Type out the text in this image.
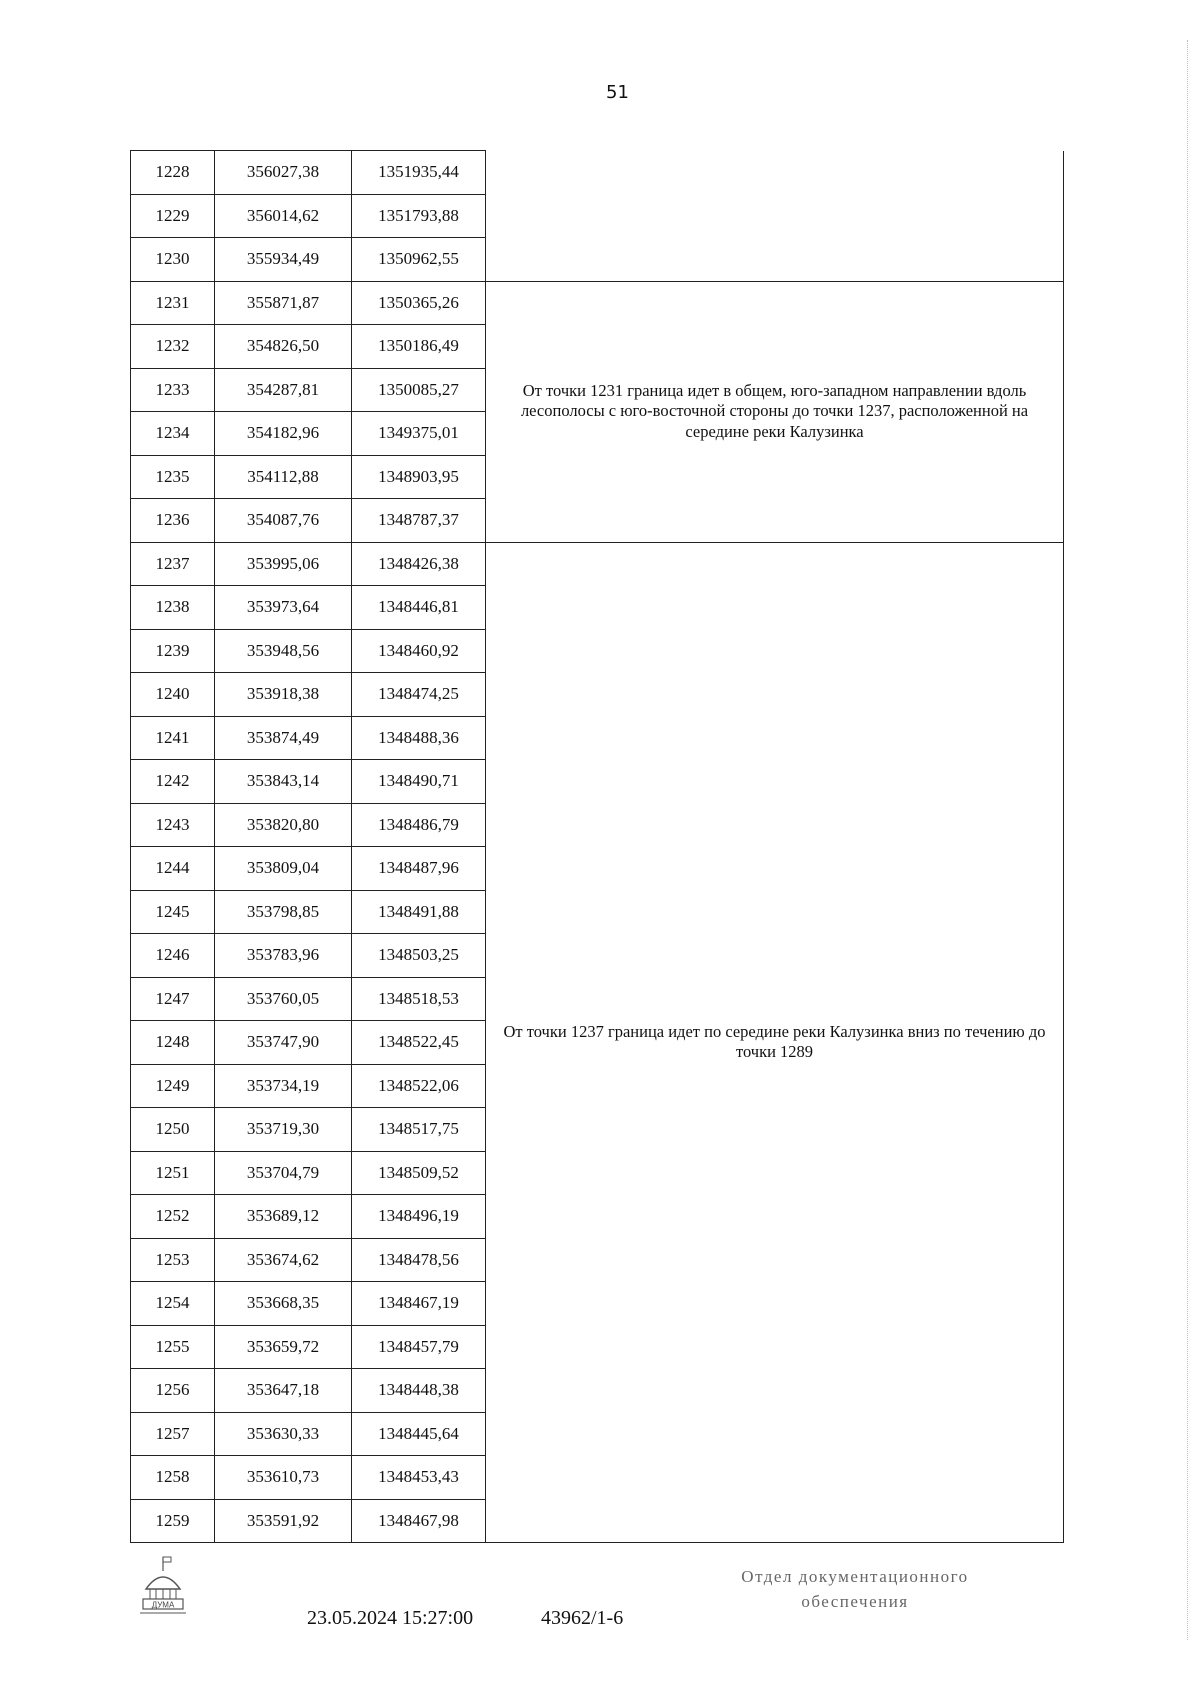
51
1228	356027,38	1351935,44	
1229	356014,62	1351793,88	
1230	355934,49	1350962,55	
1231	355871,87	1350365,26	От точки 1231 граница идет в общем, юго-западном направлении вдоль лесополосы с юго-восточной стороны до точки 1237, расположенной на середине реки Калузинка
1232	354826,50	1350186,49	
1233	354287,81	1350085,27	
1234	354182,96	1349375,01	
1235	354112,88	1348903,95	
1236	354087,76	1348787,37	
1237	353995,06	1348426,38	От точки 1237 граница идет по середине реки Калузинка вниз по течению до точки 1289
1238	353973,64	1348446,81	
1239	353948,56	1348460,92	
1240	353918,38	1348474,25	
1241	353874,49	1348488,36	
1242	353843,14	1348490,71	
1243	353820,80	1348486,79	
1244	353809,04	1348487,96	
1245	353798,85	1348491,88	
1246	353783,96	1348503,25	
1247	353760,05	1348518,53	
1248	353747,90	1348522,45	
1249	353734,19	1348522,06	
1250	353719,30	1348517,75	
1251	353704,79	1348509,52	
1252	353689,12	1348496,19	
1253	353674,62	1348478,56	
1254	353668,35	1348467,19	
1255	353659,72	1348457,79	
1256	353647,18	1348448,38	
1257	353630,33	1348445,64	
1258	353610,73	1348453,43	
1259	353591,92	1348467,98	
ДУМА
23.05.2024 15:27:00	43962/1-6
Отдел документационного
обеспечения
